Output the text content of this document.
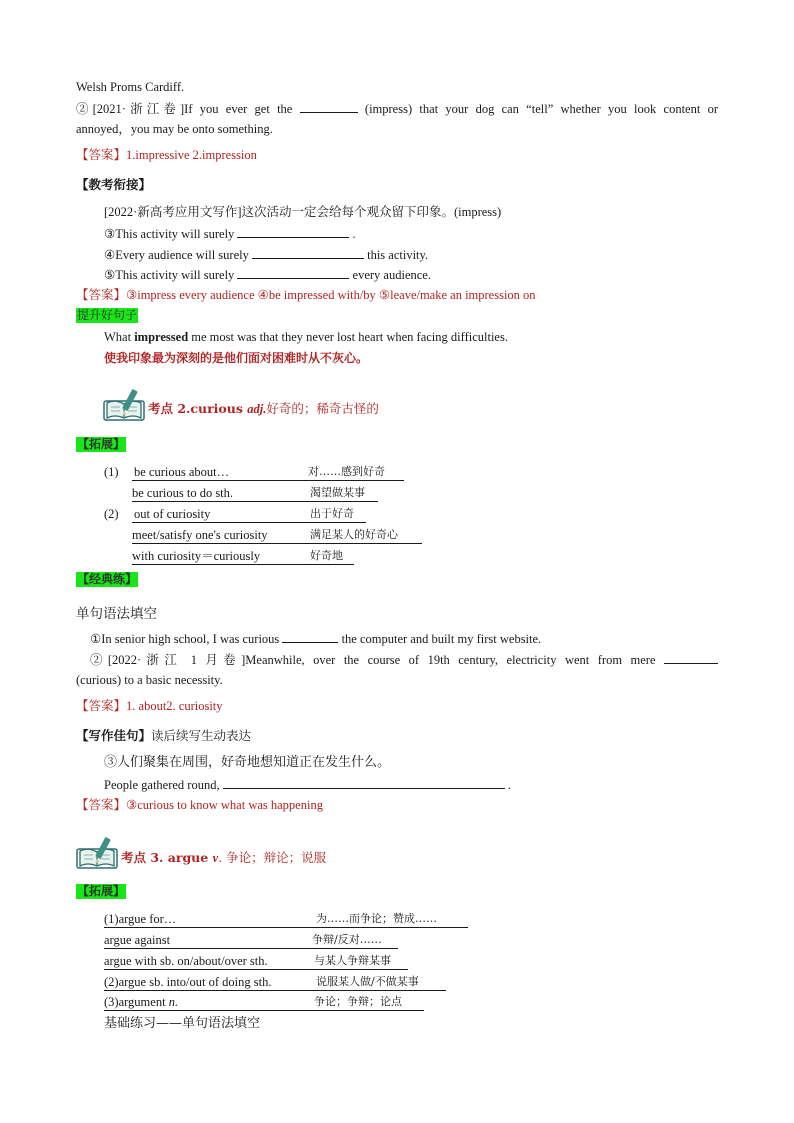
Welsh Proms Cardiff.
②[2021·浙江卷]If you ever get the	(impress) that your dog can “tell” whether you look content or
annoyed，you may be onto something.
【答案】1.impressive 2.impression
【教考衔接】
[2022·新高考应用文写作]这次活动一定会给每个观众留下印象。(impress)
③This activity will surely	.
④Every audience will surely	this activity.
⑤This activity will surely	every audience.
【答案】③impress every audience ④be impressed with/by ⑤leave/make an impression on
提升好句子
What impressed me most was that they never lost heart when facing difficulties.
使我印象最为深刻的是他们面对困难时从不灰心。
考点 2.curious adj.好奇的；稀奇古怪的
【拓展】
(1) be curious about…	对……感到好奇
be curious to do sth.	渴望做某事
(2) out of curiosity	出于好奇
meet/satisfy one's curiosity	满足某人的好奇心
with curiosity＝curiously	好奇地
【经典练】
单句语法填空
①In senior high school, I was curious	the computer and built my first website.
②[2022·浙江 1 月卷]Meanwhile, over the course of 19th century, electricity went from mere
(curious) to a basic necessity.
【答案】1. about2. curiosity
【写作佳句】读后续写生动表达
③人们聚集在周围，好奇地想知道正在发生什么。
People gathered round,	.
【答案】③curious to know what was happening
考点 3. argue v. 争论；辩论；说服
【拓展】
(1)argue for…	为……而争论；赞成……
argue against	争辩/反对……
argue with sb. on/about/over sth.	与某人争辩某事
(2)argue sb. into/out of doing sth.	说服某人做/不做某事
(3)argument n.	争论；争辩；论点
基础练习——单句语法填空
